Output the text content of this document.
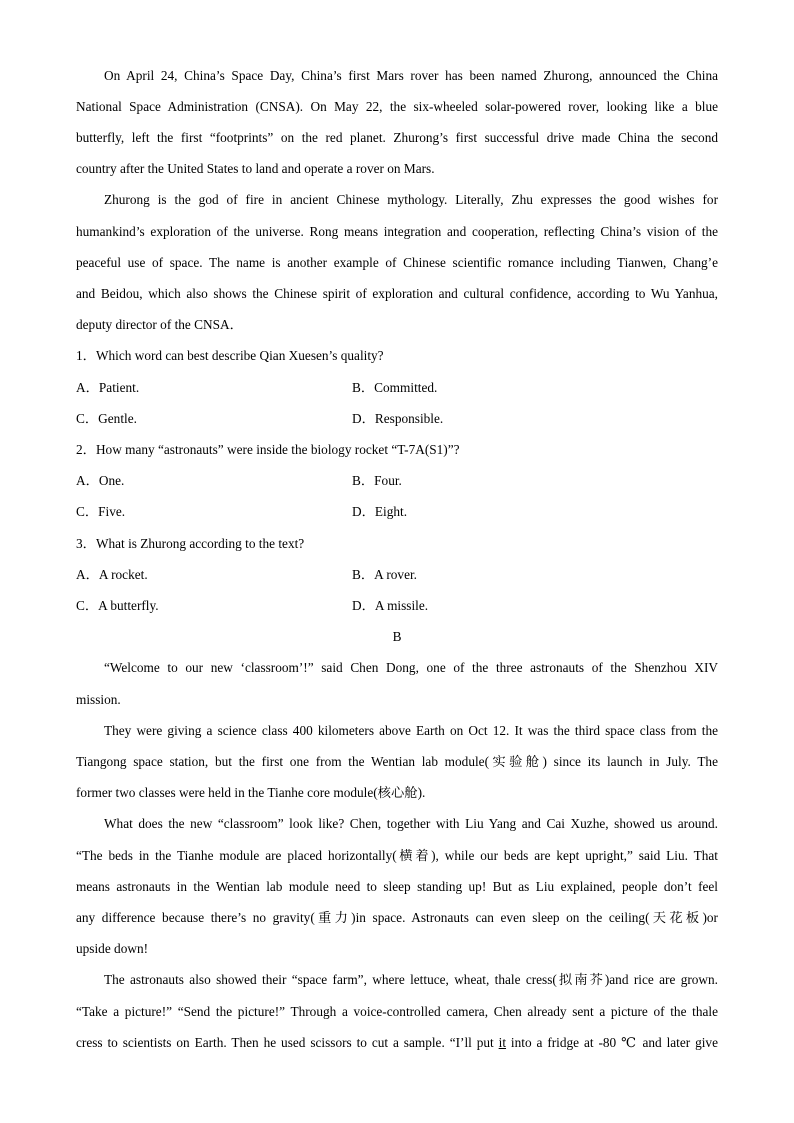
On April 24, China’s Space Day, China’s first Mars rover has been named Zhurong, announced the China
National Space Administration (CNSA). On May 22, the six-wheeled solar-powered rover, looking like a blue
butterfly, left the first “footprints” on the red planet. Zhurong’s first successful drive made China the second
country after the United States to land and operate a rover on Mars.
Zhurong is the god of fire in ancient Chinese mythology. Literally, Zhu expresses the good wishes for
humankind’s exploration of the universe. Rong means integration and cooperation, reflecting China’s vision of the
peaceful use of space. The name is another example of Chinese scientific romance including Tianwen, Chang’e
and Beidou, which also shows the Chinese spirit of exploration and cultural confidence, according to Wu Yanhua,
deputy director of the CNSA．
1．Which word can best describe Qian Xuesen’s quality?
A．Patient.	B．Committed.
C．Gentle.	D．Responsible.
2．How many “astronauts” were inside the biology rocket “T-7A(S1)”?
A．One.	B．Four.
C．Five.	D．Eight.
3．What is Zhurong according to the text?
A．A rocket.	B．A rover.
C．A butterfly.	D．A missile.
B
“Welcome to our new ‘classroom’!” said Chen Dong, one of the three astronauts of the Shenzhou XIV
mission.
They were giving a science class 400 kilometers above Earth on Oct 12. It was the third space class from the
Tiangong space station, but the first one from the Wentian lab module(实验舱) since its launch in July. The
former two classes were held in the Tianhe core module(核心舱).
What does the new “classroom” look like? Chen, together with Liu Yang and Cai Xuzhe, showed us around.
“The beds in the Tianhe module are placed horizontally(横着), while our beds are kept upright,” said Liu. That
means astronauts in the Wentian lab module need to sleep standing up! But as Liu explained, people don’t feel
any difference because there’s no gravity(重力)in space. Astronauts can even sleep on the ceiling(天花板)or
upside down!
The astronauts also showed their “space farm”, where lettuce, wheat, thale cress(拟南芥)and rice are grown.
“Take a picture!” “Send the picture!” Through a voice-controlled camera, Chen already sent a picture of the thale
cress to scientists on Earth. Then he used scissors to cut a sample. “I’ll put it into a fridge at -80 ℃ and later give
